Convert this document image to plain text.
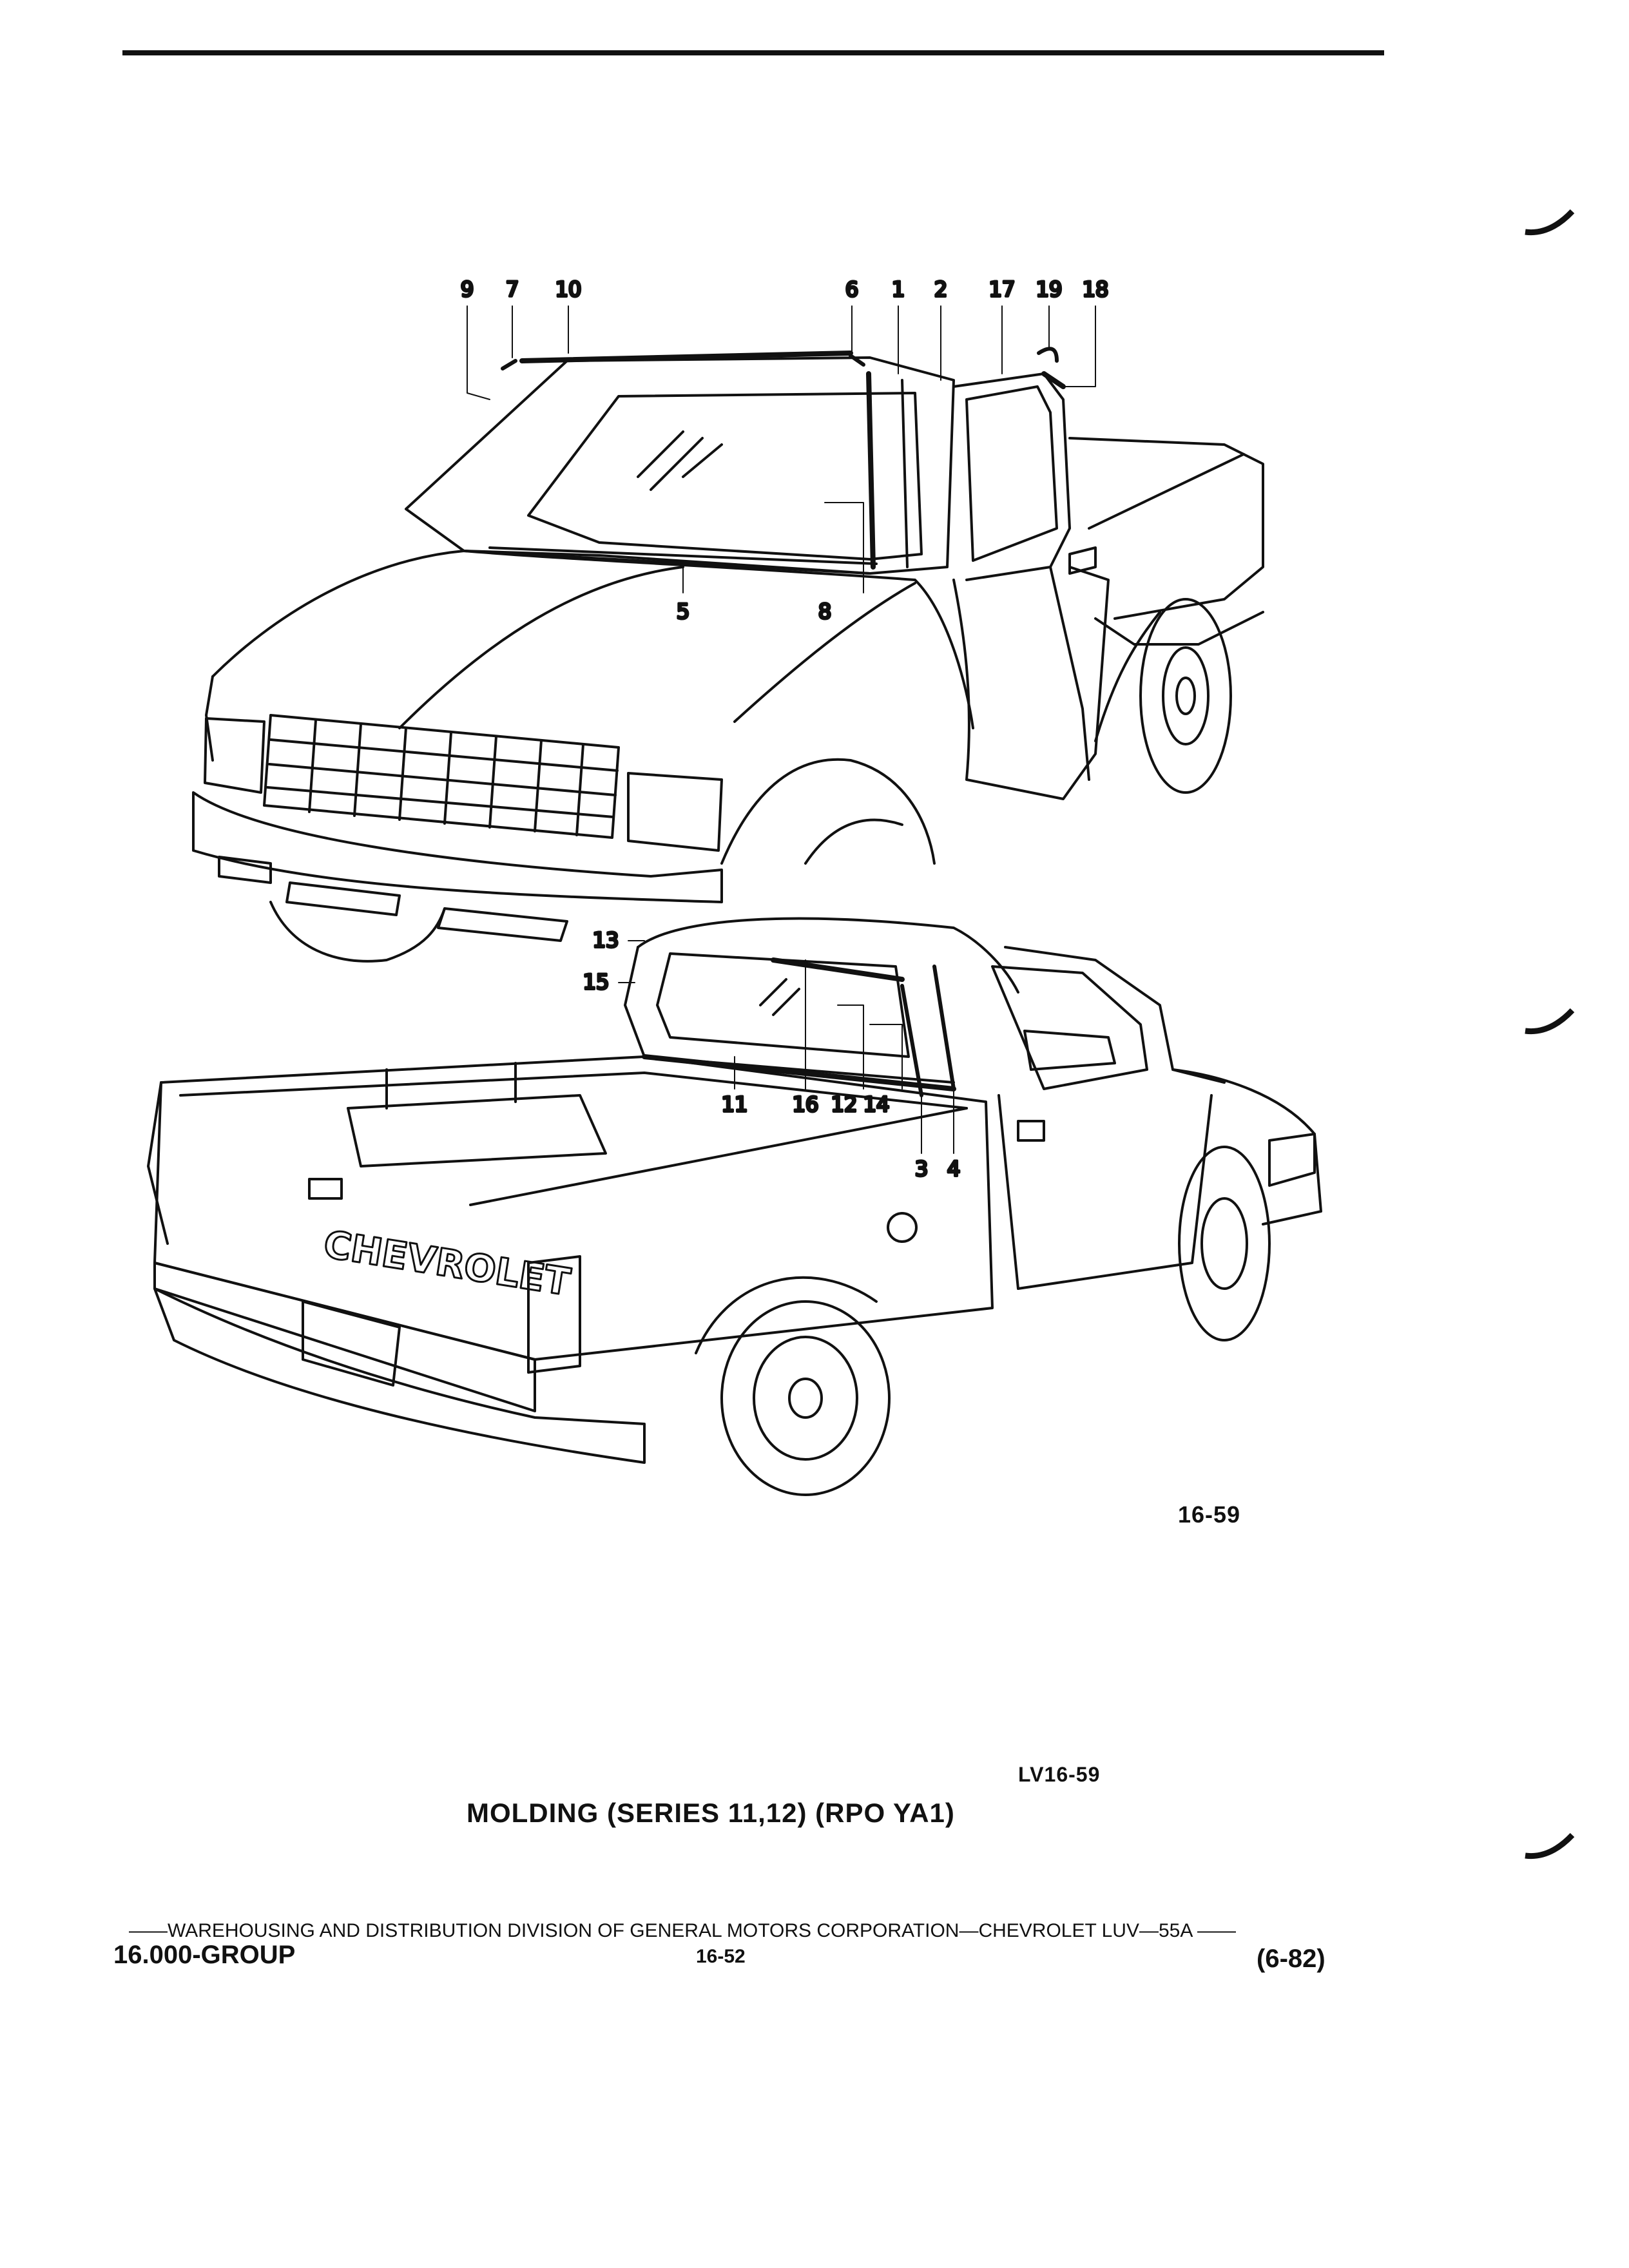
CHEVROLET
9 7 10	6 1 2 17 19 18
5	8
13
15
11 16 12 14
3 4
16-59
LV16-59
MOLDING (SERIES 11,12) (RPO YA1)
——WAREHOUSING AND DISTRIBUTION DIVISION OF GENERAL MOTORS CORPORATION—CHEVROLET LUV—55A ——
16.000-GROUP	16-52	(6-82)
